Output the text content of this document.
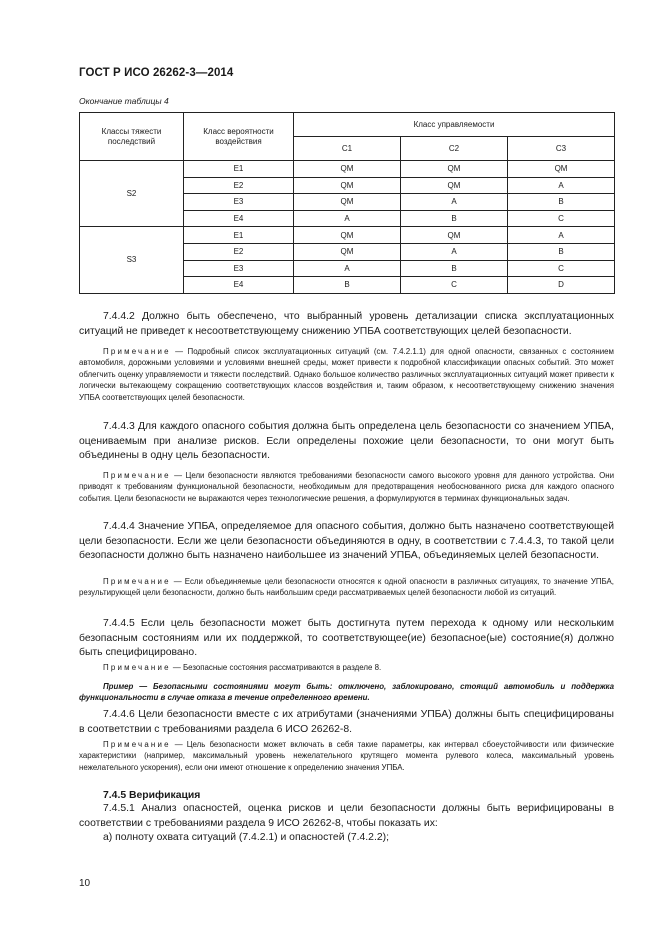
ГОСТ Р ИСО 26262-3—2014
Окончание таблицы 4
Классы тяжести последствий	Класс вероятности воздействия	Класс управляемости		
		C1	C2	C3
S2	E1	QM	QM	QM
	E2	QM	QM	A
	E3	QM	A	B
	E4	A	B	C
S3	E1	QM	QM	A
	E2	QM	A	B
	E3	A	B	C
	E4	B	C	D

7.4.4.2 Должно быть обеспечено, что выбранный уровень детализации списка эксплуатационных ситуаций не приведет к несоответствующему снижению УПБА соответствующих целей безопасности.

Примечание — Подробный список эксплуатационных ситуаций (см. 7.4.2.1.1) для одной опасности, связанных с состоянием автомобиля, дорожными условиями и условиями внешней среды, может привести к подробной классификации опасных событий. Это может облегчить оценку управляемости и тяжести последствий. Однако большое количество различных эксплуатационных ситуаций может привести к логически вытекающему сокращению соответствующих классов воздействия и, таким образом, к несоответствующему снижению значения УПБА соответствующих целей безопасности.

7.4.4.3 Для каждого опасного события должна быть определена цель безопасности со значением УПБА, оцениваемым при анализе рисков. Если определены похожие цели безопасности, то они могут быть объединены в одну цель безопасности.

Примечание — Цели безопасности являются требованиями безопасности самого высокого уровня для данного устройства. Они приводят к требованиям функциональной безопасности, необходимым для предотвращения необоснованного риска для каждого опасного события. Цели безопасности не выражаются через технологические решения, а формулируются в терминах функциональных задач.

7.4.4.4 Значение УПБА, определяемое для опасного события, должно быть назначено соответствующей цели безопасности. Если же цели безопасности объединяются в одну, в соответствии с 7.4.4.3, то такой цели безопасности должно быть назначено наибольшее из значений УПБА, объединяемых целей безопасности.

Примечание — Если объединяемые цели безопасности относятся к одной опасности в различных ситуациях, то значение УПБА, результирующей цели безопасности, должно быть наибольшим среди рассматриваемых целей безопасности любой из ситуаций.

7.4.4.5 Если цель безопасности может быть достигнута путем перехода к одному или нескольким безопасным состояниям или их поддержкой, то соответствующее(ие) безопасное(ые) состояние(я) должно быть специфицировано.

Примечание — Безопасные состояния рассматриваются в разделе 8.

Пример — Безопасными состояниями могут быть: отключено, заблокировано, стоящий автомобиль и поддержка функциональности в случае отказа в течение определенного времени.

7.4.4.6 Цели безопасности вместе с их атрибутами (значениями УПБА) должны быть специфицированы в соответствии с требованиями раздела 6 ИСО 26262-8.

Примечание — Цель безопасности может включать в себя такие параметры, как интервал сбоеустойчивости или физические характеристики (например, максимальный уровень нежелательного крутящего момента рулевого колеса, максимальный уровень нежелательного ускорения), если они имеют отношение к определению значения УПБА.

7.4.5 Верификация

7.4.5.1 Анализ опасностей, оценка рисков и цели безопасности должны быть верифицированы в соответствии с требованиями раздела 9 ИСО 26262-8, чтобы показать их:

а) полноту охвата ситуаций (7.4.2.1) и опасностей (7.4.2.2);

10
